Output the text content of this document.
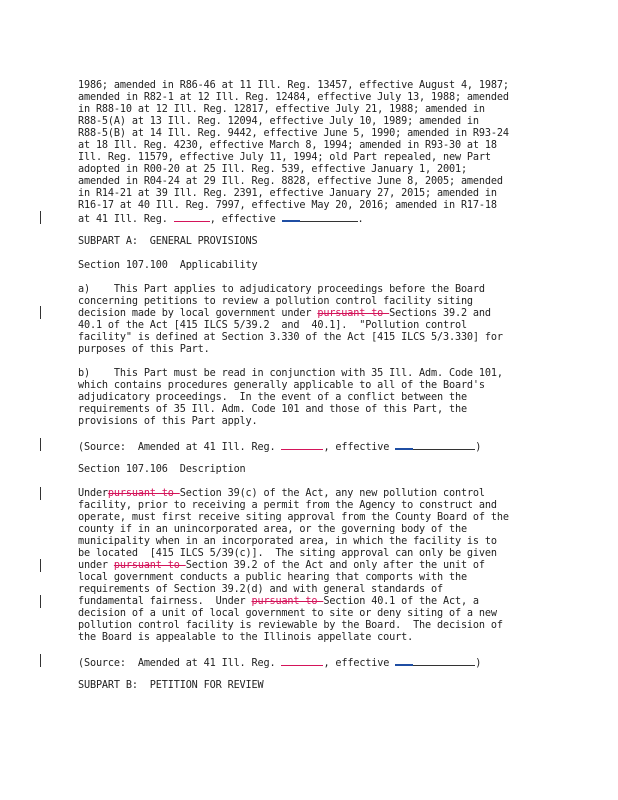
1986; amended in R86-46 at 11 Ill. Reg. 13457, effective August 4, 1987;
amended in R82-1 at 12 Ill. Reg. 12484, effective July 13, 1988; amended
in R88-10 at 12 Ill. Reg. 12817, effective July 21, 1988; amended in
R88-5(A) at 13 Ill. Reg. 12094, effective July 10, 1989; amended in
R88-5(B) at 14 Ill. Reg. 9442, effective June 5, 1990; amended in R93-24
at 18 Ill. Reg. 4230, effective March 8, 1994; amended in R93-30 at 18
Ill. Reg. 11579, effective July 11, 1994; old Part repealed, new Part
adopted in R00-20 at 25 Ill. Reg. 539, effective January 1, 2001;
amended in R04-24 at 29 Ill. Reg. 8828, effective June 8, 2005; amended
in R14-21 at 39 Ill. Reg. 2391, effective January 27, 2015; amended in
R16-17 at 40 Ill. Reg. 7997, effective May 20, 2016; amended in R17-18
at 41 Ill. Reg.	, effective	.
SUBPART A:  GENERAL PROVISIONS
Section 107.100  Applicability
a)    This Part applies to adjudicatory proceedings before the Board
concerning petitions to review a pollution control facility siting
decision made by local government under pursuant to Sections 39.2 and
40.1 of the Act [415 ILCS 5/39.2  and  40.1].  "Pollution control
facility" is defined at Section 3.330 of the Act [415 ILCS 5/3.330] for
purposes of this Part.
b)    This Part must be read in conjunction with 35 Ill. Adm. Code 101,
which contains procedures generally applicable to all of the Board's
adjudicatory proceedings.  In the event of a conflict between the
requirements of 35 Ill. Adm. Code 101 and those of this Part, the
provisions of this Part apply.
(Source:  Amended at 41 Ill. Reg.	, effective	)
Section 107.106  Description
Underpursuant to Section 39(c) of the Act, any new pollution control
facility, prior to receiving a permit from the Agency to construct and
operate, must first receive siting approval from the County Board of the
county if in an unincorporated area, or the governing body of the
municipality when in an incorporated area, in which the facility is to
be located  [415 ILCS 5/39(c)].  The siting approval can only be given
under pursuant to Section 39.2 of the Act and only after the unit of
local government conducts a public hearing that comports with the
requirements of Section 39.2(d) and with general standards of
fundamental fairness.  Under pursuant to Section 40.1 of the Act, a
decision of a unit of local government to site or deny siting of a new
pollution control facility is reviewable by the Board.  The decision of
the Board is appealable to the Illinois appellate court.
(Source:  Amended at 41 Ill. Reg.	, effective	)
SUBPART B:  PETITION FOR REVIEW
